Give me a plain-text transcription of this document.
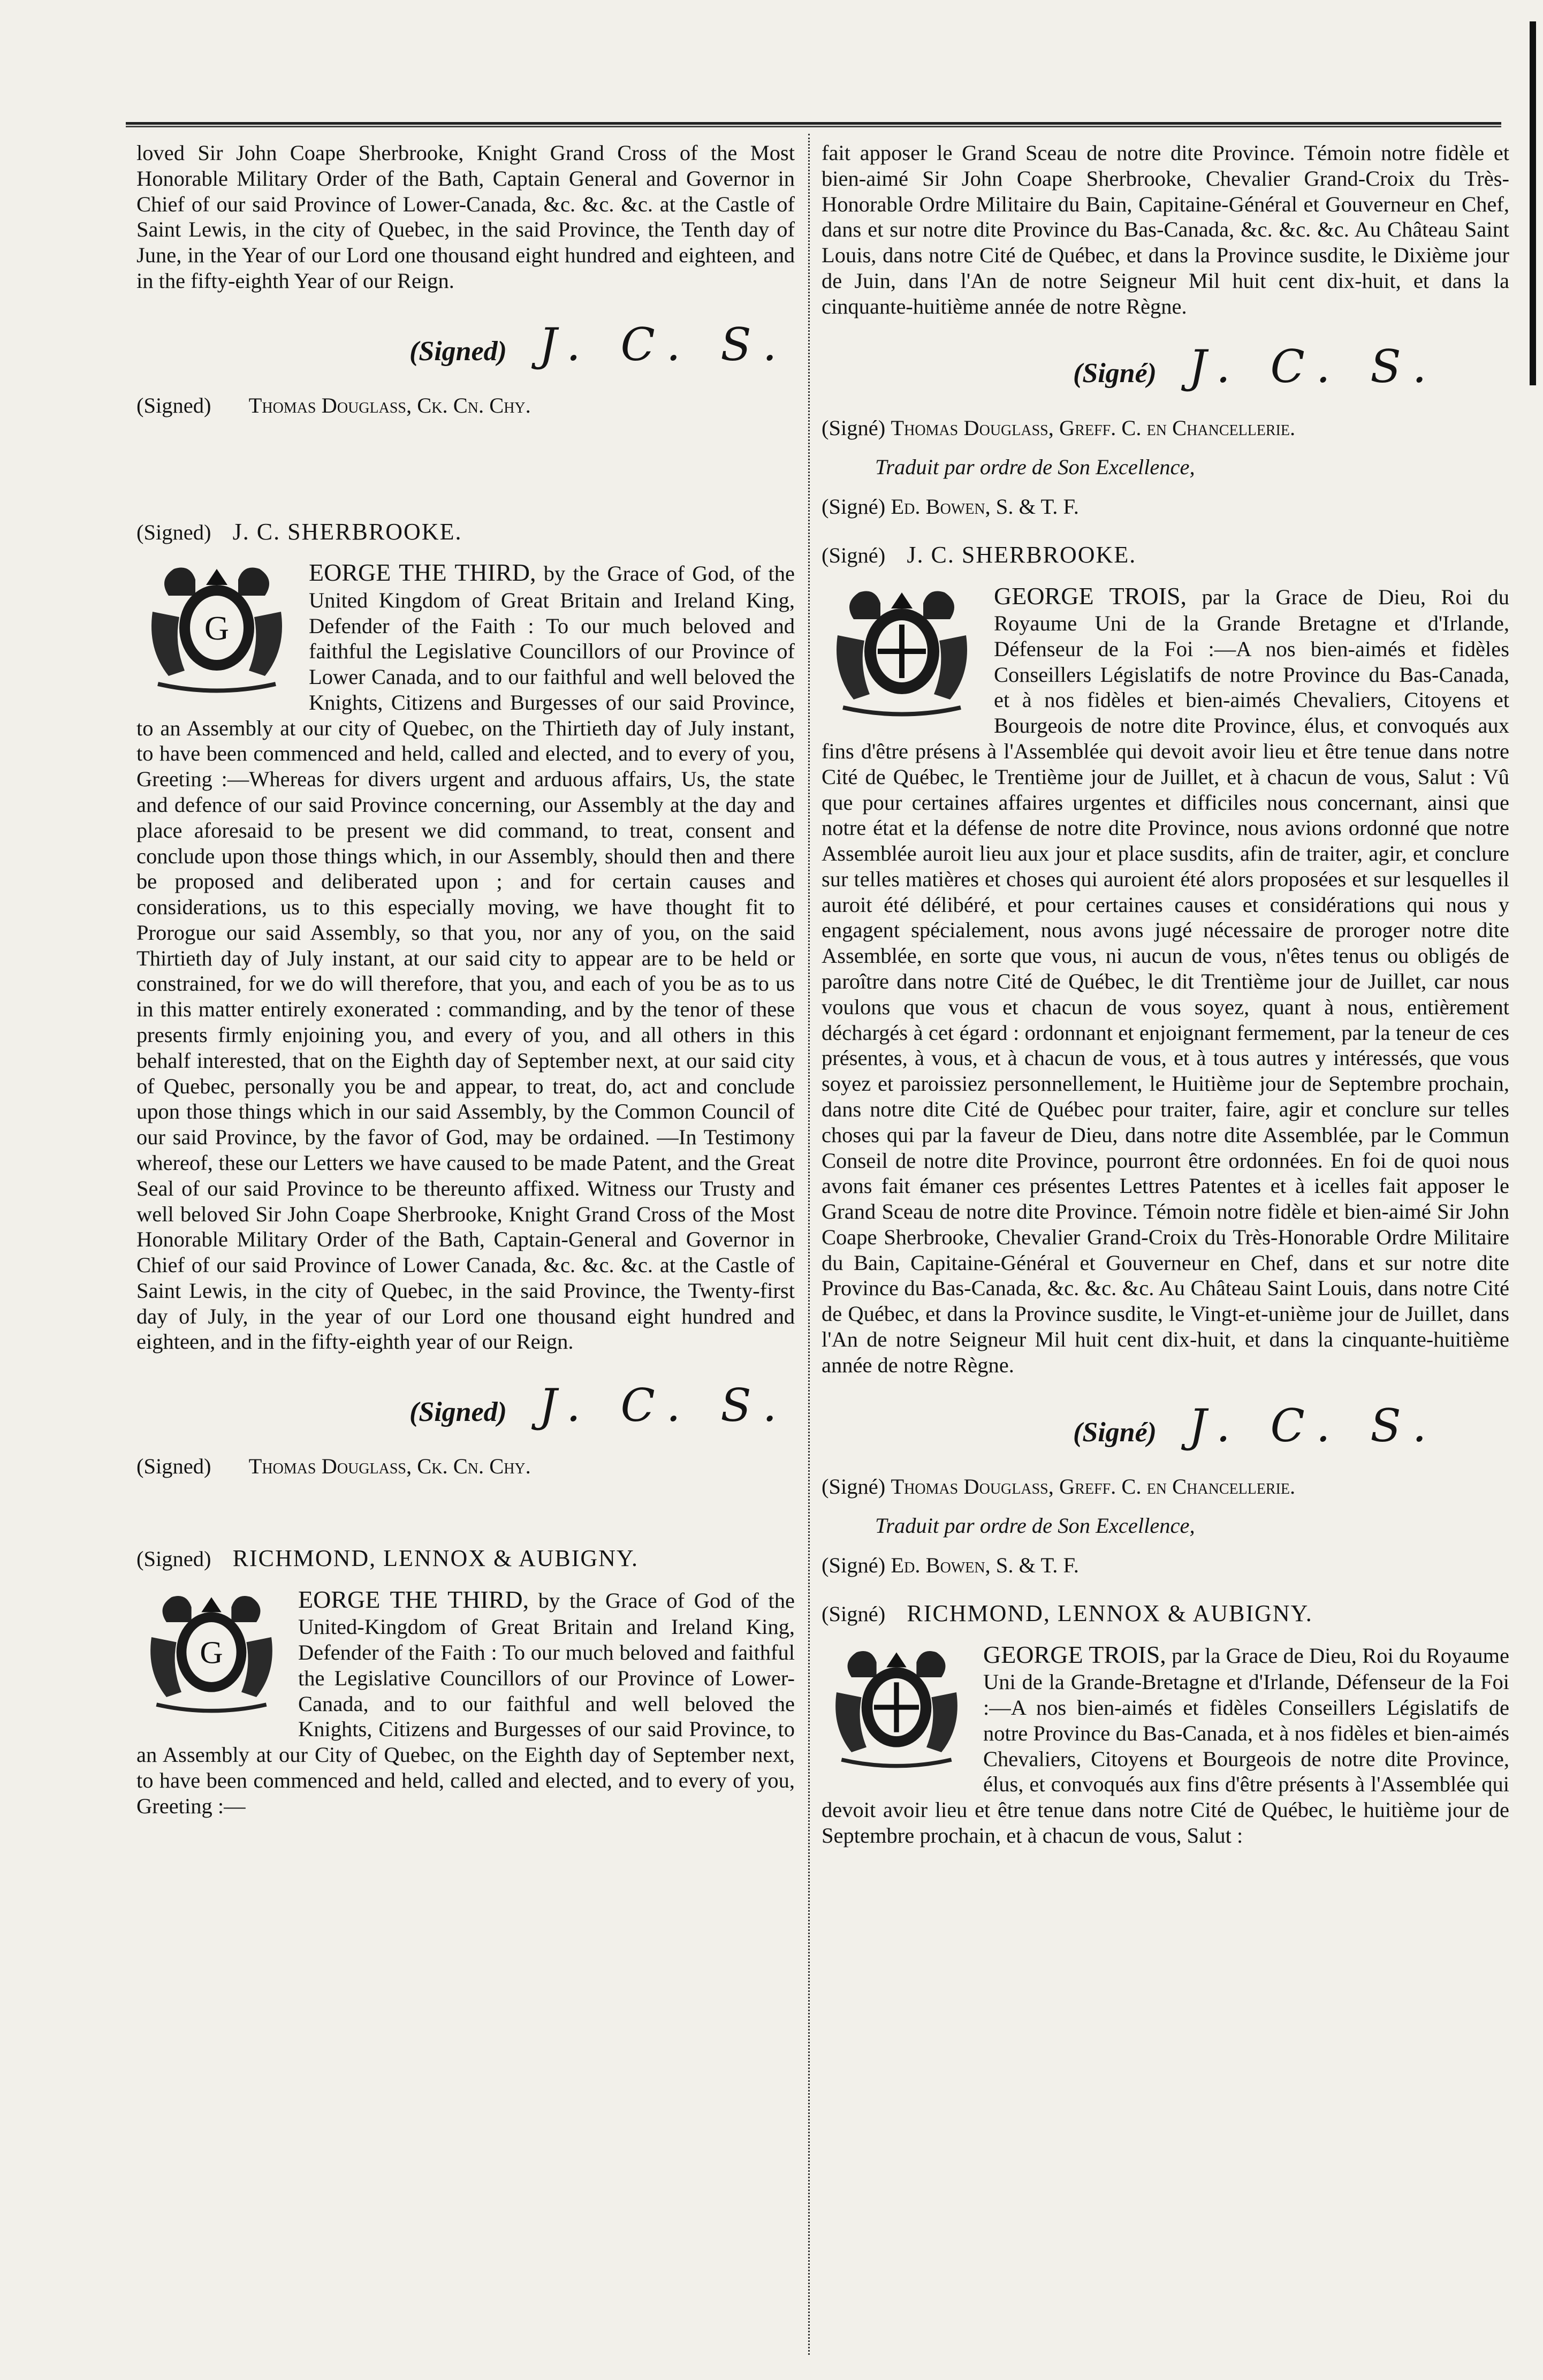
loved Sir John Coape Sherbrooke, Knight Grand Cross of the Most Honorable Military Order of the Bath, Captain General and Governor in Chief of our said Province of Lower-Canada, &c. &c. &c. at the Castle of Saint Lewis, in the city of Quebec, in the said Province, the Tenth day of June, in the Year of our Lord one thousand eight hundred and eighteen, and in the fifty-eighth Year of our Reign.

(Signed) J. C. S.

(Signed) Thomas Douglass, Ck. Cn. Chy.

(Signed) J. C. SHERBROOKE.

G

EORGE THE THIRD, by the Grace of God, of the United Kingdom of Great Britain and Ireland King, Defender of the Faith : To our much beloved and faithful the Legislative Councillors of our Province of Lower Canada, and to our faithful and well beloved the Knights, Citizens and Burgesses of our said Province, to an Assembly at our city of Quebec, on the Thirtieth day of July instant, to have been commenced and held, called and elected, and to every of you, Greeting :—Whereas for divers urgent and arduous affairs, Us, the state and defence of our said Province concerning, our Assembly at the day and place aforesaid to be present we did command, to treat, consent and conclude upon those things which, in our Assembly, should then and there be proposed and deliberated upon ; and for certain causes and considerations, us to this especially moving, we have thought fit to Prorogue our said Assembly, so that you, nor any of you, on the said Thirtieth day of July instant, at our said city to appear are to be held or constrained, for we do will therefore, that you, and each of you be as to us in this matter entirely exonerated : commanding, and by the tenor of these presents firmly enjoining you, and every of you, and all others in this behalf interested, that on the Eighth day of September next, at our said city of Quebec, personally you be and appear, to treat, do, act and conclude upon those things which in our said Assembly, by the Common Council of our said Province, by the favor of God, may be ordained. —In Testimony whereof, these our Letters we have caused to be made Patent, and the Great Seal of our said Province to be thereunto affixed. Witness our Trusty and well beloved Sir John Coape Sherbrooke, Knight Grand Cross of the Most Honorable Military Order of the Bath, Captain-General and Governor in Chief of our said Province of Lower Canada, &c. &c. &c. at the Castle of Saint Lewis, in the city of Quebec, in the said Province, the Twenty-first day of July, in the year of our Lord one thousand eight hundred and eighteen, and in the fifty-eighth year of our Reign.

(Signed) J. C. S.

(Signed) Thomas Douglass, Ck. Cn. Chy.

(Signed) RICHMOND, LENNOX & AUBIGNY.

G

EORGE THE THIRD, by the Grace of God of the United-Kingdom of Great Britain and Ireland King, Defender of the Faith : To our much beloved and faithful the Legislative Councillors of our Province of Lower-Canada, and to our faithful and well beloved the Knights, Citizens and Burgesses of our said Province, to an Assembly at our City of Quebec, on the Eighth day of September next, to have been commenced and held, called and elected, and to every of you, Greeting :—

fait apposer le Grand Sceau de notre dite Province. Témoin notre fidèle et bien-aimé Sir John Coape Sherbrooke, Chevalier Grand-Croix du Très-Honorable Ordre Militaire du Bain, Capitaine-Général et Gouverneur en Chef, dans et sur notre dite Province du Bas-Canada, &c. &c. &c. Au Château Saint Louis, dans notre Cité de Québec, et dans la Province susdite, le Dixième jour de Juin, dans l'An de notre Seigneur Mil huit cent dix-huit, et dans la cinquante-huitième année de notre Règne.

(Signé) J. C. S.

(Signé) Thomas Douglass, Greff. C. en Chancellerie.

Traduit par ordre de Son Excellence,

(Signé) Ed. Bowen, S. & T. F.

(Signé) J. C. SHERBROOKE.

GEORGE TROIS, par la Grace de Dieu, Roi du Royaume Uni de la Grande Bretagne et d'Irlande, Défenseur de la Foi :—A nos bien-aimés et fidèles Conseillers Législatifs de notre Province du Bas-Canada, et à nos fidèles et bien-aimés Chevaliers, Citoyens et Bourgeois de notre dite Province, élus, et convoqués aux fins d'être présens à l'Assemblée qui devoit avoir lieu et être tenue dans notre Cité de Québec, le Trentième jour de Juillet, et à chacun de vous, Salut : Vû que pour certaines affaires urgentes et difficiles nous concernant, ainsi que notre état et la défense de notre dite Province, nous avions ordonné que notre Assemblée auroit lieu aux jour et place susdits, afin de traiter, agir, et conclure sur telles matières et choses qui auroient été alors proposées et sur lesquelles il auroit été délibéré, et pour certaines causes et considérations qui nous y engagent spécialement, nous avons jugé nécessaire de proroger notre dite Assemblée, en sorte que vous, ni aucun de vous, n'êtes tenus ou obligés de paroître dans notre Cité de Québec, le dit Trentième jour de Juillet, car nous voulons que vous et chacun de vous soyez, quant à nous, entièrement déchargés à cet égard : ordonnant et enjoignant fermement, par la teneur de ces présentes, à vous, et à chacun de vous, et à tous autres y intéressés, que vous soyez et paroissiez personnellement, le Huitième jour de Septembre prochain, dans notre dite Cité de Québec pour traiter, faire, agir et conclure sur telles choses qui par la faveur de Dieu, dans notre dite Assemblée, par le Commun Conseil de notre dite Province, pourront être ordonnées. En foi de quoi nous avons fait émaner ces présentes Lettres Patentes et à icelles fait apposer le Grand Sceau de notre dite Province. Témoin notre fidèle et bien-aimé Sir John Coape Sherbrooke, Chevalier Grand-Croix du Très-Honorable Ordre Militaire du Bain, Capitaine-Général et Gouverneur en Chef, dans et sur notre dite Province du Bas-Canada, &c. &c. &c. Au Château Saint Louis, dans notre Cité de Québec, et dans la Province susdite, le Vingt-et-unième jour de Juillet, dans l'An de notre Seigneur Mil huit cent dix-huit, et dans la cinquante-huitième année de notre Règne.

(Signé) J. C. S.

(Signé) Thomas Douglass, Greff. C. en Chancellerie.

Traduit par ordre de Son Excellence,

(Signé) Ed. Bowen, S. & T. F.

(Signé) RICHMOND, LENNOX & AUBIGNY.

GEORGE TROIS, par la Grace de Dieu, Roi du Royaume Uni de la Grande-Bretagne et d'Irlande, Défenseur de la Foi :—A nos bien-aimés et fidèles Conseillers Législatifs de notre Province du Bas-Canada, et à nos fidèles et bien-aimés Chevaliers, Citoyens et Bourgeois de notre dite Province, élus, et convoqués aux fins d'être présents à l'Assemblée qui devoit avoir lieu et être tenue dans notre Cité de Québec, le huitième jour de Septembre prochain, et à chacun de vous, Salut :
